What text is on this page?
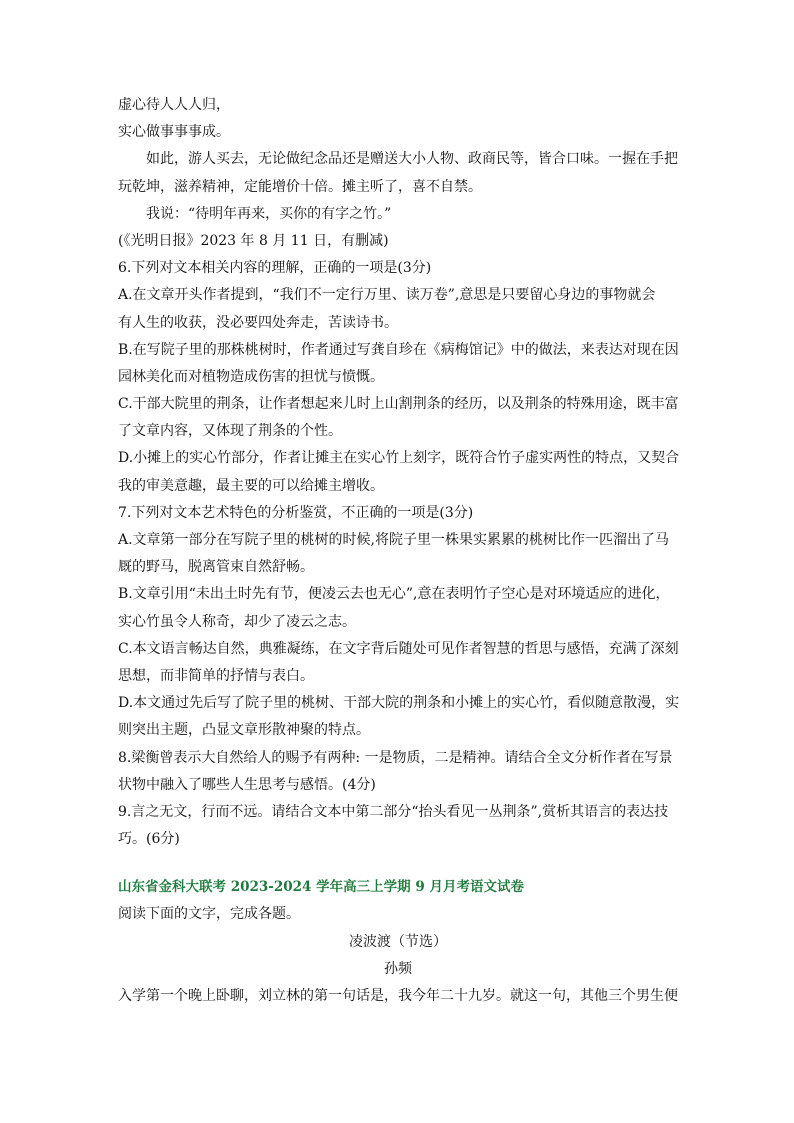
虚心待人人人归，
实心做事事事成。
如此，游人买去，无论做纪念品还是赠送大小人物、政商民等，皆合口味。一握在手把
玩乾坤，滋养精神，定能增价十倍。摊主听了，喜不自禁。
我说：“待明年再来，买你的有字之竹。”
(《光明日报》2023 年 8 月 11 日，有删减)
6.下列对文本相关内容的理解，正确的一项是(3分)
A.在文章开头作者提到，“我们不一定行万里、读万卷”,意思是只要留心身边的事物就会
有人生的收获，没必要四处奔走，苦读诗书。
B.在写院子里的那株桃树时，作者通过写龚自珍在《病梅馆记》中的做法，来表达对现在因
园林美化而对植物造成伤害的担忧与愤慨。
C.干部大院里的荆条，让作者想起来儿时上山割荆条的经历，以及荆条的特殊用途，既丰富
了文章内容，又体现了荆条的个性。
D.小摊上的实心竹部分，作者让摊主在实心竹上刻字，既符合竹子虚实两性的特点，又契合
我的审美意趣，最主要的可以给摊主增收。
7.下列对文本艺术特色的分析鉴赏，不正确的一项是(3分)
A.文章第一部分在写院子里的桃树的时候,将院子里一株果实累累的桃树比作一匹溜出了马
厩的野马，脱离管束自然舒畅。
B.文章引用“未出土时先有节，便凌云去也无心”,意在表明竹子空心是对环境适应的进化，
实心竹虽令人称奇，却少了凌云之志。
C.本文语言畅达自然，典雅凝练，在文字背后随处可见作者智慧的哲思与感悟，充满了深刻
思想，而非简单的抒情与表白。
D.本文通过先后写了院子里的桃树、干部大院的荆条和小摊上的实心竹，看似随意散漫，实
则突出主题，凸显文章形散神聚的特点。
8.梁衡曾表示大自然给人的赐予有两种: 一是物质，二是精神。请结合全文分析作者在写景
状物中融入了哪些人生思考与感悟。(4分)
9.言之无文，行而不远。请结合文本中第二部分“抬头看见一丛荆条”,赏析其语言的表达技
巧。(6分)
山东省金科大联考 2023-2024 学年高三上学期 9 月月考语文试卷
阅读下面的文字，完成各题。
凌波渡（节选）
孙频
入学第一个晚上卧聊，刘立林的第一句话是，我今年二十九岁。就这一句，其他三个男生便
